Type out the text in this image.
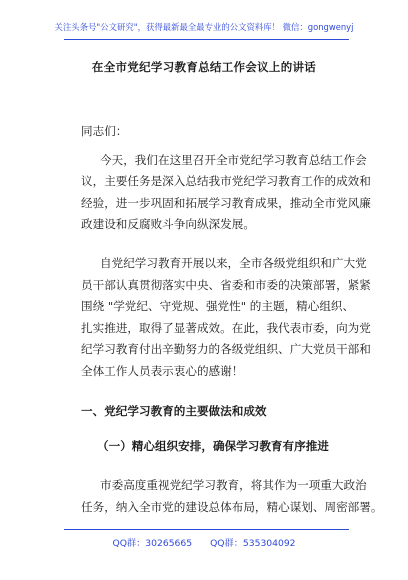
关注头条号"公文研究"，获得最新最全最专业的公文资料库！ 微信：gongwenyj
在全市党纪学习教育总结工作会议上的讲话
同志们：
今天，我们在这里召开全市党纪学习教育总结工作会
议，主要任务是深入总结我市党纪学习教育工作的成效和
经验，进一步巩固和拓展学习教育成果，推动全市党风廉
政建设和反腐败斗争向纵深发展。
自党纪学习教育开展以来，全市各级党组织和广大党
员干部认真贯彻落实中央、省委和市委的决策部署，紧紧
围绕 "学党纪、守党规、强党性" 的主题，精心组织、
扎实推进，取得了显著成效。在此，我代表市委，向为党
纪学习教育付出辛勤努力的各级党组织、广大党员干部和
全体工作人员表示衷心的感谢！
一、党纪学习教育的主要做法和成效
（一）精心组织安排，确保学习教育有序推进
市委高度重视党纪学习教育，将其作为一项重大政治
任务，纳入全市党的建设总体布局，精心谋划、周密部署。
QQ群：30265665 QQ群：535304092
